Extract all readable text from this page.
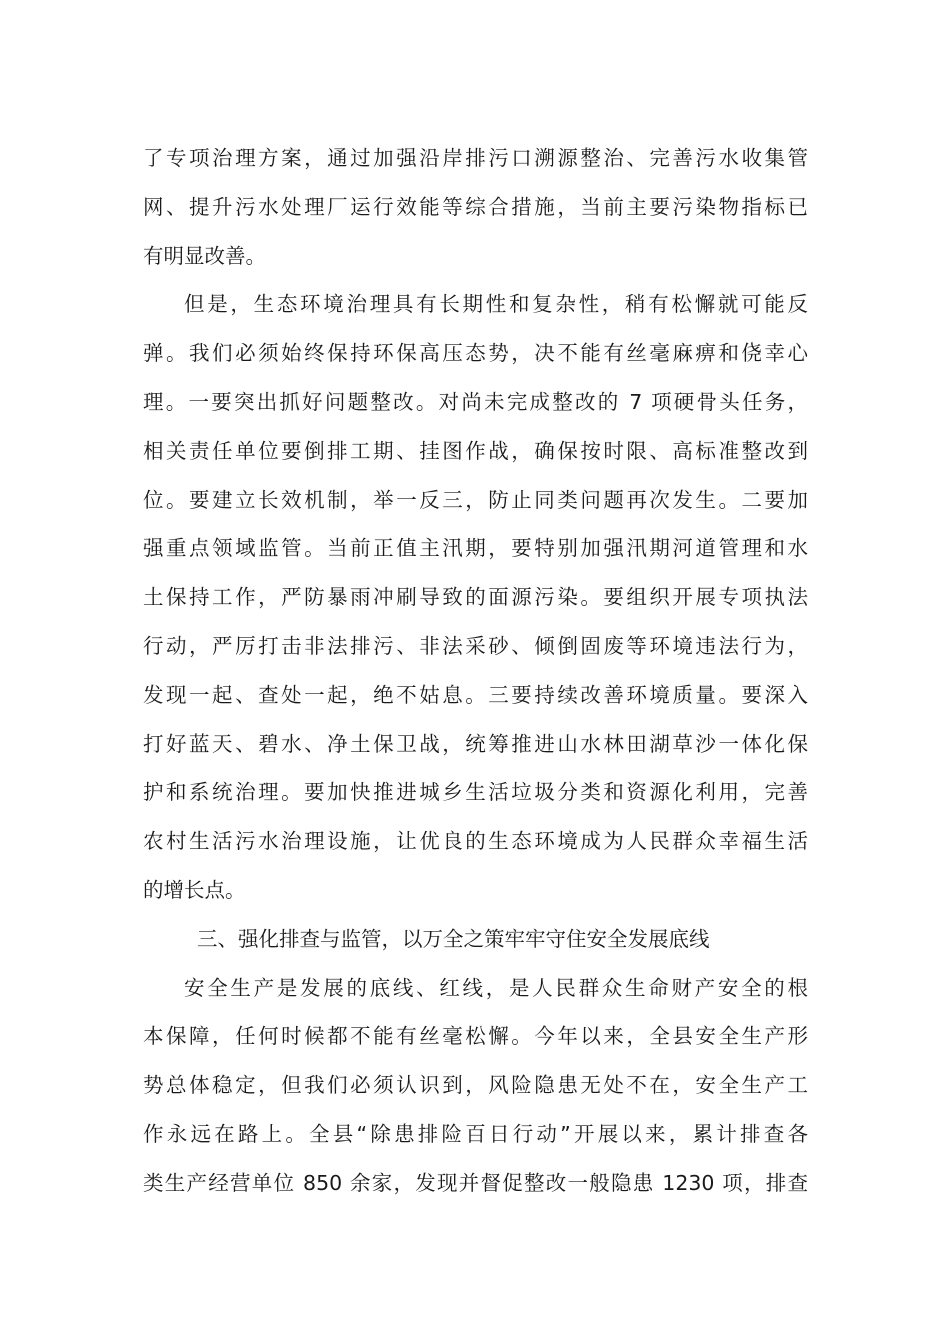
了专项治理方案，通过加强沿岸排污口溯源整治、完善污水收集管
网、提升污水处理厂运行效能等综合措施，当前主要污染物指标已
有明显改善。
但是，生态环境治理具有长期性和复杂性，稍有松懈就可能反
弹。我们必须始终保持环保高压态势，决不能有丝毫麻痹和侥幸心
理。一要突出抓好问题整改。对尚未完成整改的 7 项硬骨头任务，
相关责任单位要倒排工期、挂图作战，确保按时限、高标准整改到
位。要建立长效机制，举一反三，防止同类问题再次发生。二要加
强重点领域监管。当前正值主汛期，要特别加强汛期河道管理和水
土保持工作，严防暴雨冲刷导致的面源污染。要组织开展专项执法
行动，严厉打击非法排污、非法采砂、倾倒固废等环境违法行为，
发现一起、查处一起，绝不姑息。三要持续改善环境质量。要深入
打好蓝天、碧水、净土保卫战，统筹推进山水林田湖草沙一体化保
护和系统治理。要加快推进城乡生活垃圾分类和资源化利用，完善
农村生活污水治理设施，让优良的生态环境成为人民群众幸福生活
的增长点。
三、强化排查与监管，以万全之策牢牢守住安全发展底线
安全生产是发展的底线、红线，是人民群众生命财产安全的根
本保障，任何时候都不能有丝毫松懈。今年以来，全县安全生产形
势总体稳定，但我们必须认识到，风险隐患无处不在，安全生产工
作永远在路上。全县“除患排险百日行动”开展以来，累计排查各
类生产经营单位 850 余家，发现并督促整改一般隐患 1230 项，排查
